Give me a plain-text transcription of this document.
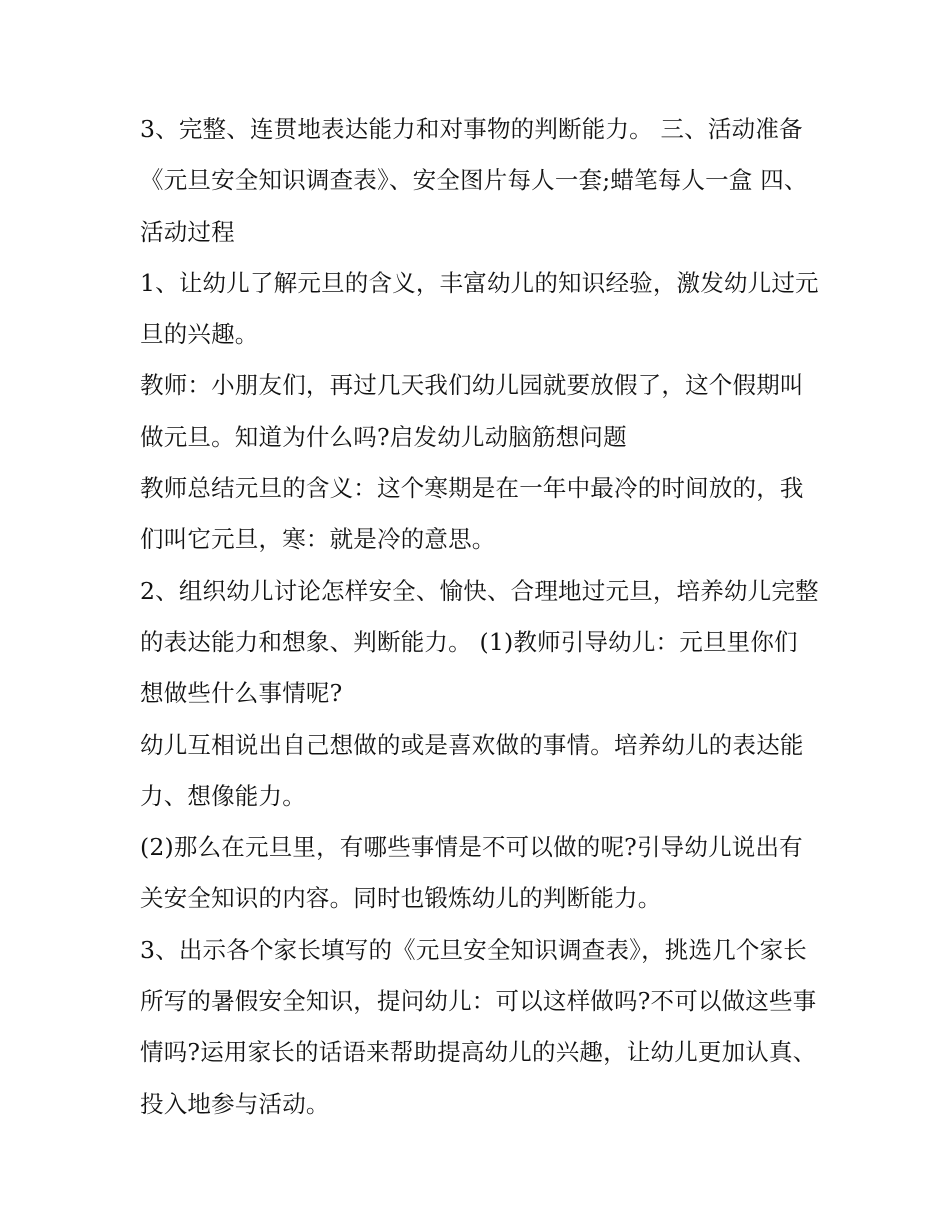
3、完整、连贯地表达能力和对事物的判断能力。 三、活动准备 《元旦安全知识调查表》、安全图片每人一套;蜡笔每人一盒 四、活动过程

1、让幼儿了解元旦的含义，丰富幼儿的知识经验，激发幼儿过元旦的兴趣。

教师：小朋友们，再过几天我们幼儿园就要放假了，这个假期叫做元旦。知道为什么吗?启发幼儿动脑筋想问题

教师总结元旦的含义：这个寒期是在一年中最冷的时间放的，我们叫它元旦，寒：就是冷的意思。

2、组织幼儿讨论怎样安全、愉快、合理地过元旦，培养幼儿完整的表达能力和想象、判断能力。 (1)教师引导幼儿：元旦里你们想做些什么事情呢?

幼儿互相说出自己想做的或是喜欢做的事情。培养幼儿的表达能力、想像能力。

(2)那么在元旦里，有哪些事情是不可以做的呢?引导幼儿说出有关安全知识的内容。同时也锻炼幼儿的判断能力。

3、出示各个家长填写的《元旦安全知识调查表》，挑选几个家长所写的暑假安全知识，提问幼儿：可以这样做吗?不可以做这些事情吗?运用家长的话语来帮助提高幼儿的兴趣，让幼儿更加认真、投入地参与活动。
